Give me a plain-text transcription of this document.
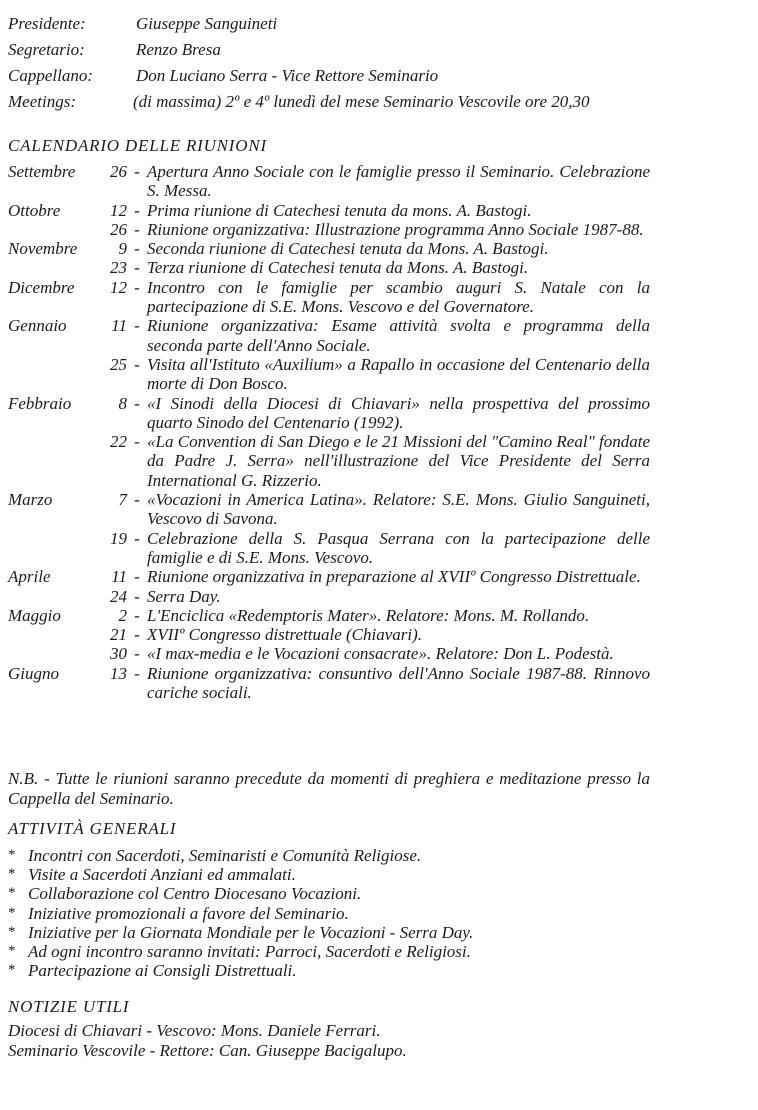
Presidente:	Giuseppe Sanguineti
Segretario:	Renzo Bresa
Cappellano:	Don Luciano Serra - Vice Rettore Seminario
Meetings:	(di massima) 2º e 4º lunedì del mese Seminario Vescovile ore 20,30
CALENDARIO DELLE RIUNIONI
Settembre	26 - Apertura Anno Sociale con le famiglie presso il Seminario. Celebrazione S. Messa.
Ottobre	12 - Prima riunione di Catechesi tenuta da mons. A. Bastogi.
26 - Riunione organizzativa: Illustrazione programma Anno Sociale 1987-88.
Novembre	9 - Seconda riunione di Catechesi tenuta da Mons. A. Bastogi.
23 - Terza riunione di Catechesi tenuta da Mons. A. Bastogi.
Dicembre	12 - Incontro con le famiglie per scambio auguri S. Natale con la partecipazione di S.E. Mons. Vescovo e del Governatore.
Gennaio	11 - Riunione organizzativa: Esame attività svolta e programma della seconda parte dell'Anno Sociale.
25 - Visita all'Istituto «Auxilium» a Rapallo in occasione del Centenario della morte di Don Bosco.
Febbraio	8 - «I Sinodi della Diocesi di Chiavari» nella prospettiva del prossimo quarto Sinodo del Centenario (1992).
22 - «La Convention di San Diego e le 21 Missioni del "Camino Real" fondate da Padre J. Serra» nell'illustrazione del Vice Presidente del Serra International G. Rizzerio.
Marzo	7 - «Vocazioni in America Latina». Relatore: S.E. Mons. Giulio Sanguineti, Vescovo di Savona.
19 - Celebrazione della S. Pasqua Serrana con la partecipazione delle famiglie e di S.E. Mons. Vescovo.
Aprile	11 - Riunione organizzativa in preparazione al XVIIº Congresso Distrettuale.
24 - Serra Day.
Maggio	2 - L'Enciclica «Redemptoris Mater». Relatore: Mons. M. Rollando.
21 - XVIIº Congresso distrettuale (Chiavari).
30 - «I max-media e le Vocazioni consacrate». Relatore: Don L. Podestà.
Giugno	13 - Riunione organizzativa: consuntivo dell'Anno Sociale 1987-88. Rinnovo cariche sociali.
N.B. - Tutte le riunioni saranno precedute da momenti di preghiera e meditazione presso la Cappella del Seminario.
ATTIVITÀ GENERALI
* Incontri con Sacerdoti, Seminaristi e Comunità Religiose.
* Visite a Sacerdoti Anziani ed ammalati.
* Collaborazione col Centro Diocesano Vocazioni.
* Iniziative promozionali a favore del Seminario.
* Iniziative per la Giornata Mondiale per le Vocazioni - Serra Day.
* Ad ogni incontro saranno invitati: Parroci, Sacerdoti e Religiosi.
* Partecipazione ai Consigli Distrettuali.
NOTIZIE UTILI
Diocesi di Chiavari - Vescovo: Mons. Daniele Ferrari.
Seminario Vescovile - Rettore: Can. Giuseppe Bacigalupo.
